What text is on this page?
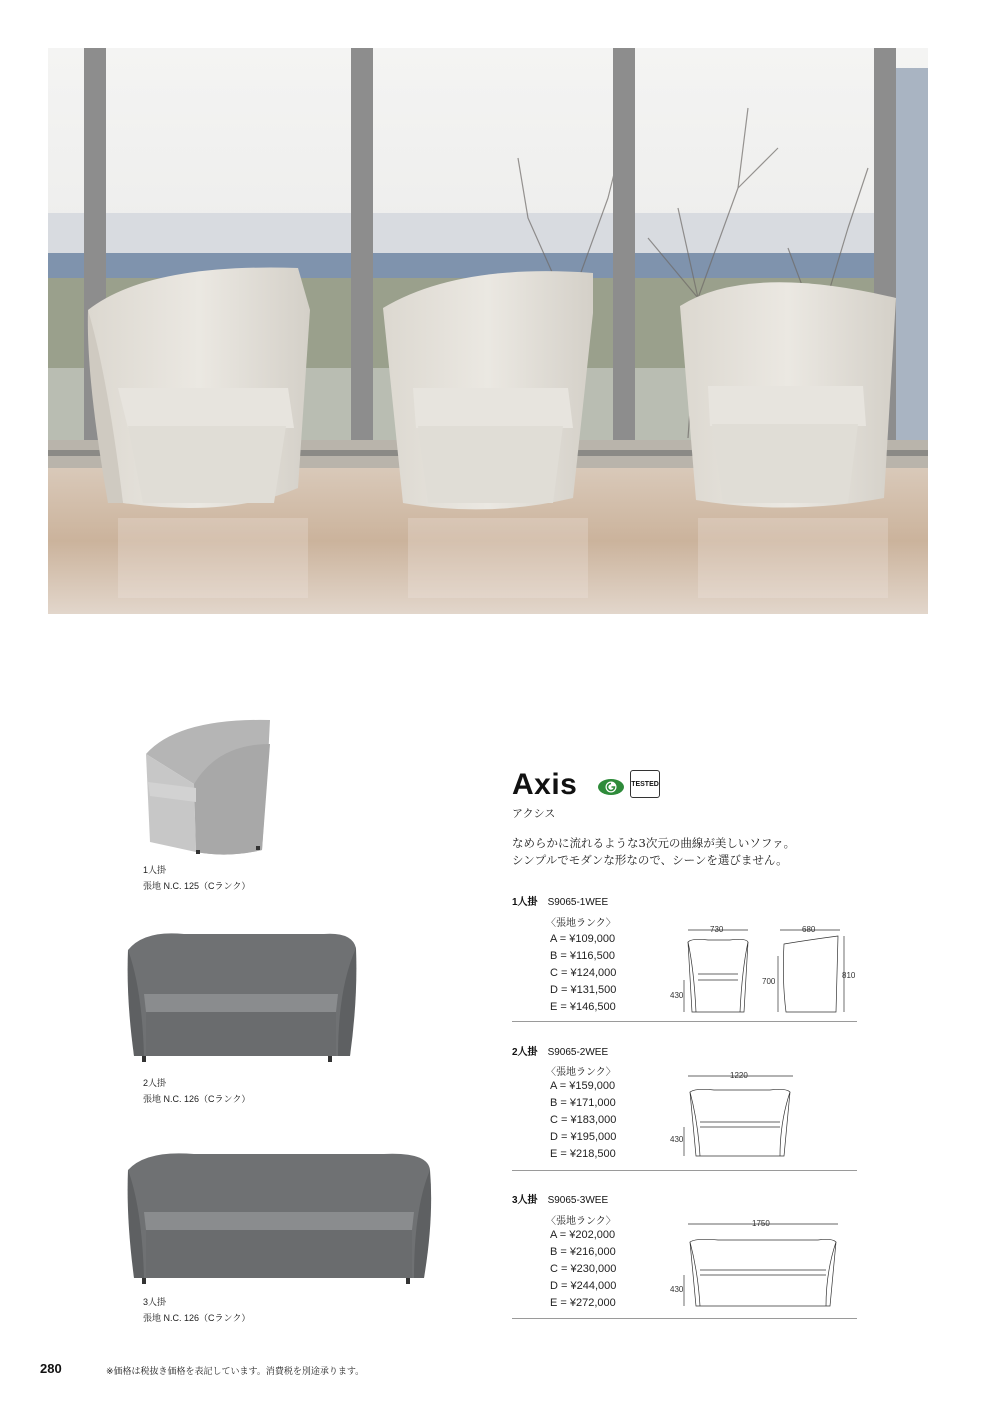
1人掛
張地 N.C. 125（Cランク）
2人掛
張地 N.C. 126（Cランク）
3人掛
張地 N.C. 126（Cランク）
Axis	TESTED
アクシス
なめらかに流れるような3次元の曲線が美しいソファ。
シンプルでモダンな形なので、シーンを選びません。
1人掛 S9065-1WEE
〈張地ランク〉
A = ¥109,000
B = ¥116,500
C = ¥124,000
D = ¥131,500
E = ¥146,500
730
430
680
700
810
2人掛 S9065-2WEE
〈張地ランク〉
A = ¥159,000
B = ¥171,000
C = ¥183,000
D = ¥195,000
E = ¥218,500
1220
430
3人掛 S9065-3WEE
〈張地ランク〉
A = ¥202,000
B = ¥216,000
C = ¥230,000
D = ¥244,000
E = ¥272,000
1750
430
280	※価格は税抜き価格を表記しています。消費税を別途承ります。
